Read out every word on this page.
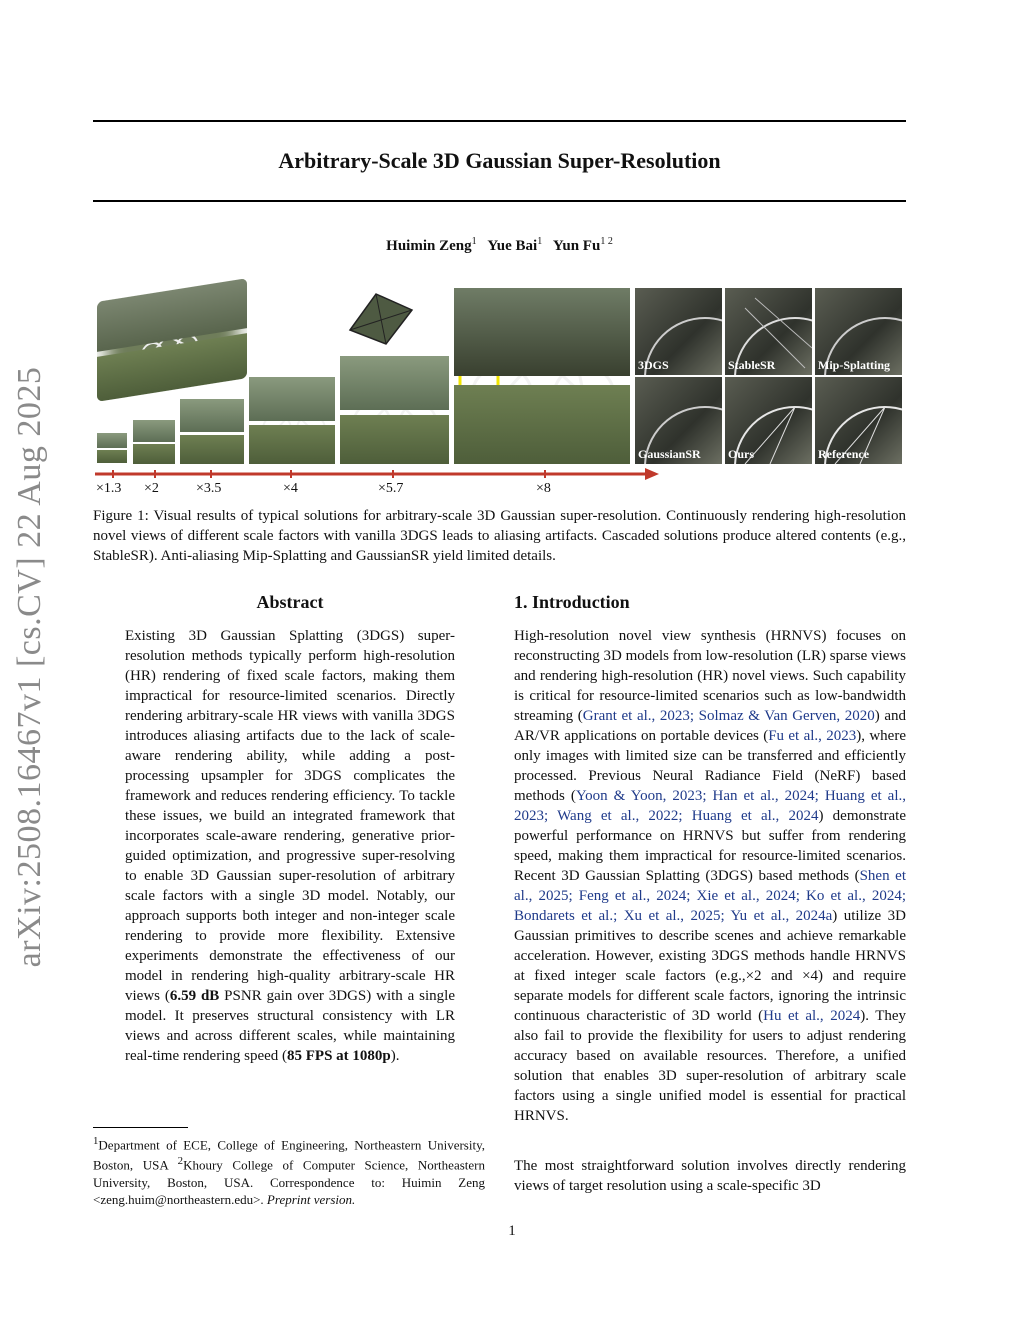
arXiv:2508.16467v1 [cs.CV] 22 Aug 2025
Arbitrary-Scale 3D Gaussian Super-Resolution
Huimin Zeng$^1$ Yue Bai$^1$ Yun $Fu^{1 2}$
3DGS	StableSR	Mip-Splatting
GaussianSR Ours	Reference
×1.3 ×2	×3.5	×4	×5.7	×8
Figure 1: Visual results of typical solutions for arbitrary-scale 3D Gaussian super-resolution. Continuously rendering high-resolution novel views of different scale factors with vanilla 3DGS leads to aliasing artifacts. Cascaded solutions produce altered contents (e.g., StableSR). Anti-aliasing Mip-Splatting and GaussianSR yield limited details.
Abstract
Existing 3D Gaussian Splatting (3DGS) super-resolution methods typically perform high-resolution (HR) rendering of fixed scale factors, making them impractical for resource-limited scenarios. Directly rendering arbitrary-scale HR views with vanilla 3DGS introduces aliasing artifacts due to the lack of scale-aware rendering ability, while adding a post-processing upsampler for 3DGS complicates the framework and reduces rendering efficiency. To tackle these issues, we build an integrated framework that incorporates scale-aware rendering, generative prior-guided optimization, and progressive super-resolving to enable 3D Gaussian super-resolution of arbitrary scale factors with a single 3D model. Notably, our approach supports both integer and non-integer scale rendering to provide more flexibility. Extensive experiments demonstrate the effectiveness of our model in rendering high-quality arbitrary-scale HR views (6.59 dB PSNR gain over 3DGS) with a single model. It preserves structural consistency with LR views and across different scales, while maintaining real-time rendering speed (85 FPS at 1080p).
$^1$Department of ECE, College of Engineering, Northeastern University, Boston, USA $^2$Khoury College of Computer Science, Northeastern University, Boston, USA. Correspondence to: Huimin Zeng <zeng.huim@northeastern.edu>. Preprint version.
1. Introduction
High-resolution novel view synthesis (HRNVS) focuses on reconstructing 3D models from low-resolution (LR) sparse views and rendering high-resolution (HR) novel views. Such capability is critical for resource-limited scenarios such as low-bandwidth streaming (Grant et al., 2023; Solmaz & Van Gerven, 2020) and AR/VR applications on portable devices (Fu et al., 2023), where only images with limited size can be transferred and efficiently processed. Previous Neural Radiance Field (NeRF) based methods (Yoon & Yoon, 2023; Han et al., 2024; Huang et al., 2023; Wang et al., 2022; Huang et al., 2024) demonstrate powerful performance on HRNVS but suffer from rendering speed, making them impractical for resource-limited scenarios. Recent 3D Gaussian Splatting (3DGS) based methods (Shen et al., 2025; Feng et al., 2024; Xie et al., 2024; Ko et al., 2024; Bondarets et al.; Xu et al., 2025; Yu et al., 2024a) utilize 3D Gaussian primitives to describe scenes and achieve remarkable acceleration. However, existing 3DGS methods handle HRNVS at fixed integer scale factors (e.g.,×2 and ×4) and require separate models for different scale factors, ignoring the intrinsic continuous characteristic of 3D world (Hu et al., 2024). They also fail to provide the flexibility for users to adjust rendering accuracy based on available resources. Therefore, a unified solution that enables 3D super-resolution of arbitrary scale factors using a single unified model is essential for practical HRNVS.
The most straightforward solution involves directly rendering views of target resolution using a scale-specific 3D
1
